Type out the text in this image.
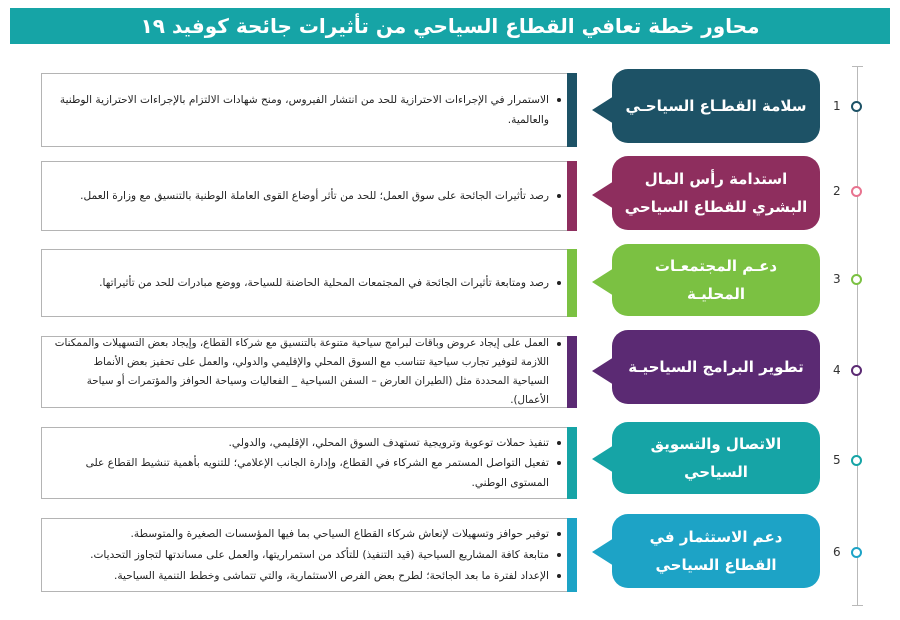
محاور خطة تعافي القطاع السياحي من تأثيرات جائحة كوفيد ١٩
الاستمرار في الإجراءات الاحترازية للحد من انتشار الفيروس، ومنح شهادات الالتزام بالإجراءات الاحترازية الوطنية والعالمية.
سلامة القطـاع السياحـي 1
رصد تأثيرات الجائحة على سوق العمل؛ للحد من تأثر أوضاع القوى العاملة الوطنية بالتنسيق مع وزارة العمل.
استدامة رأس المال البشري للقطاع السياحي
2
رصد ومتابعة تأثيرات الجائحة في المجتمعات المحلية الحاضنة للسياحة، ووضع مبادرات للحد من تأثيراتها.
دعـم المجتمعـات المحليـة
3
العمل على إيجاد عروض وباقات لبرامج سياحية متنوعة بالتنسيق مع شركاء القطاع، وإيجاد بعض التسهيلات والممكنات اللازمة لتوفير تجارب سياحية تتناسب مع السوق المحلي والإقليمي والدولي، والعمل على تحفيز بعض الأنماط السياحية المحددة مثل (الطيران العارض – السفن السياحية _ الفعاليات وسياحة الحوافز والمؤتمرات أو سياحة الأعمال).
تطوير البرامج السياحيـة 4
تنفيذ حملات توعوية وترويجية تستهدف السوق المحلي، الإقليمي، والدولي.
تفعيل التواصل المستمر مع الشركاء في القطاع، وإدارة الجانب الإعلامي؛ للتنويه بأهمية تنشيط القطاع على المستوى الوطني.
الاتصال والتسويق السياحي
5
توفير حوافز وتسهيلات لإنعاش شركاء القطاع السياحي بما فيها المؤسسات الصغيرة والمتوسطة.
متابعة كافة المشاريع السياحية (قيد التنفيذ) للتأكد من استمراريتها، والعمل على مساندتها لتجاوز التحديات.
الإعداد لفترة ما بعد الجائحة؛ لطرح بعض الفرص الاستثمارية، والتي تتماشى وخطط التنمية السياحية.
دعم الاستثمار في القطاع السياحي
6
